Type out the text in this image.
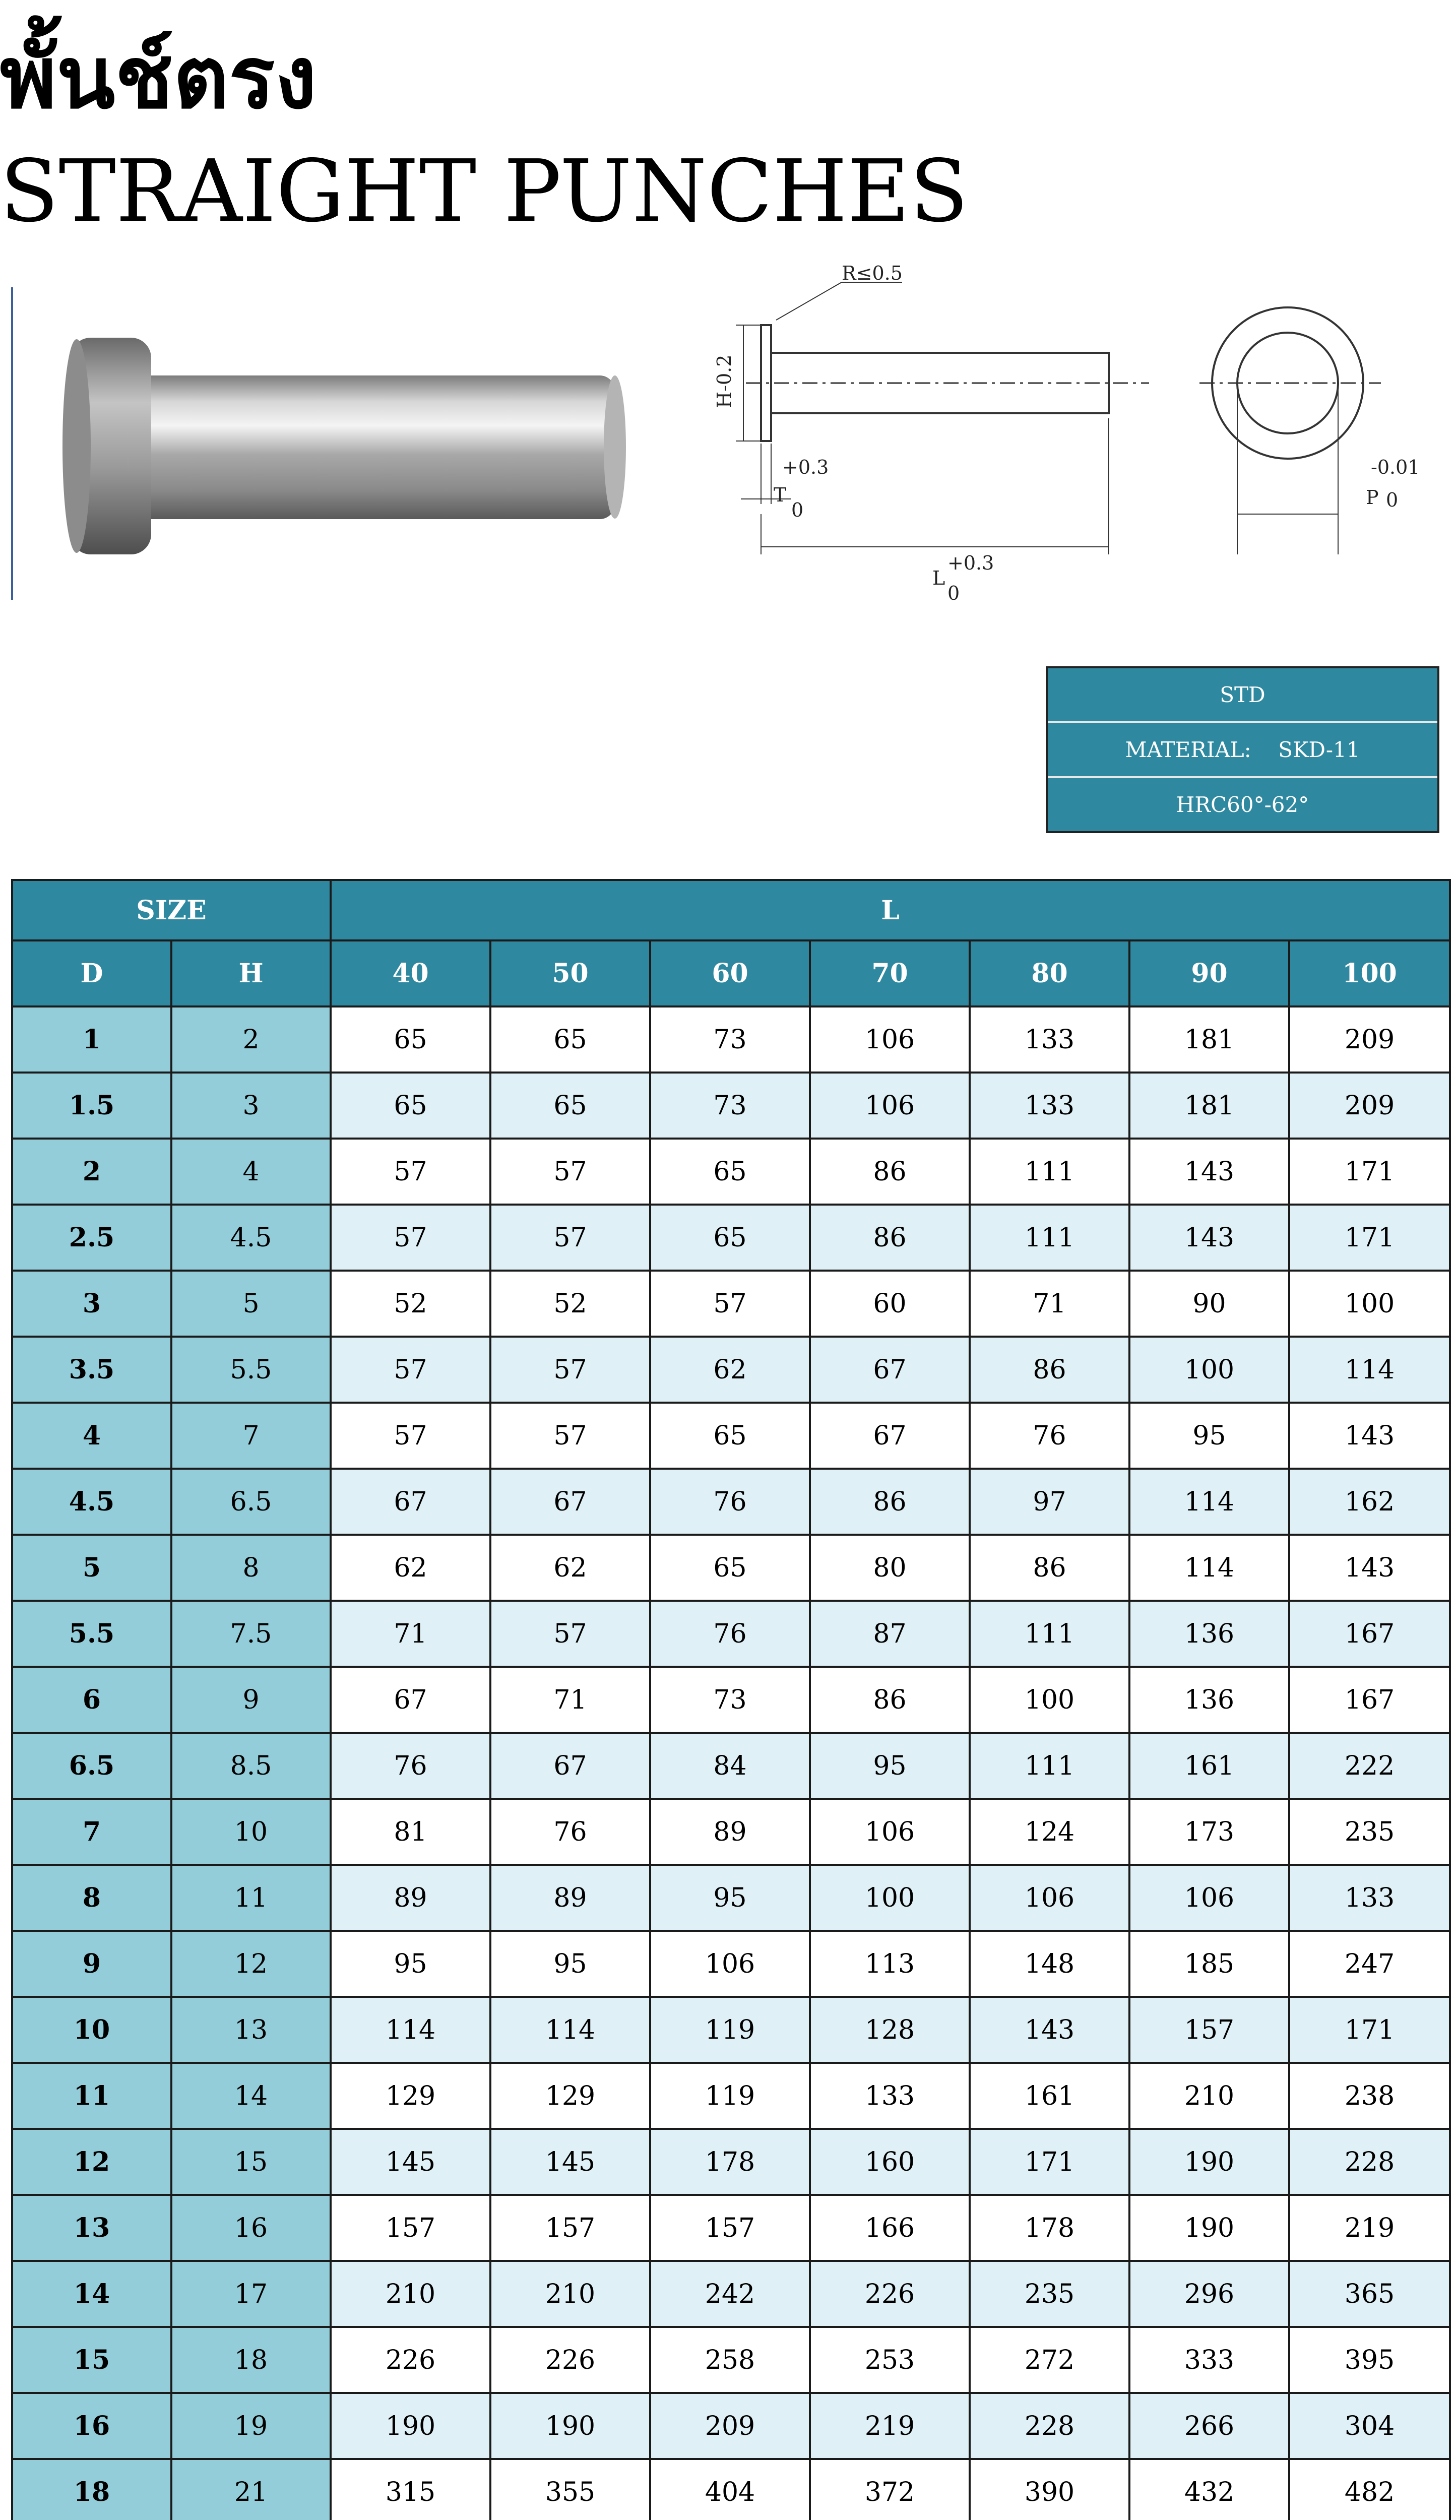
พั้นช์ตรง
STRAIGHT PUNCHES
R≤0.5
H-0.2
+0.3
T
0
+0.3
L
0
-0.01
P 0
STD
MATERIAL:    SKD-11
HRC60°-62°
SIZE		L						
D	H	40	50	60	70	80	90	100
1	2	65	65	73	106	133	181	209
1.5	3	65	65	73	106	133	181	209
2	4	57	57	65	86	111	143	171
2.5	4.5	57	57	65	86	111	143	171
3	5	52	52	57	60	71	90	100
3.5	5.5	57	57	62	67	86	100	114
4	7	57	57	65	67	76	95	143
4.5	6.5	67	67	76	86	97	114	162
5	8	62	62	65	80	86	114	143
5.5	7.5	71	57	76	87	111	136	167
6	9	67	71	73	86	100	136	167
6.5	8.5	76	67	84	95	111	161	222
7	10	81	76	89	106	124	173	235
8	11	89	89	95	100	106	106	133
9	12	95	95	106	113	148	185	247
10	13	114	114	119	128	143	157	171
11	14	129	129	119	133	161	210	238
12	15	145	145	178	160	171	190	228
13	16	157	157	157	166	178	190	219
14	17	210	210	242	226	235	296	365
15	18	226	226	258	253	272	333	395
16	19	190	190	209	219	228	266	304
18	21	315	355	404	372	390	432	482
